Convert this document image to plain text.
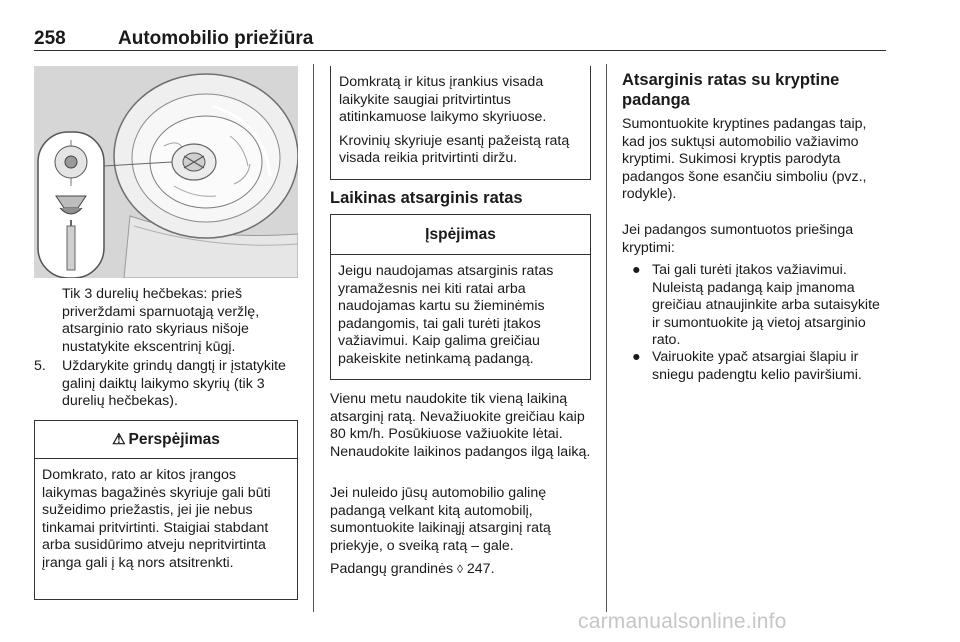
258	Automobilio priežiūra
Tik 3 durelių hečbekas: prieš priverždami sparnuotąją veržlę, atsarginio rato skyriaus nišoje nustatykite ekscentrinį kūgį.
5. Uždarykite grindų dangtį ir įstatykite galinį daiktų laikymo skyrių (tik 3 durelių hečbekas).
⚠ Perspėjimas
Domkrato, rato ar kitos įrangos laikymas bagažinės skyriuje gali būti sužeidimo priežastis, jei jie nebus tinkamai pritvirtinti. Staigiai stabdant arba susidūrimo atveju nepritvirtinta įranga gali į ką nors atsitrenkti.

Domkratą ir kitus įrankius visada laikykite saugiai pritvirtintus atitinkamuose laikymo skyriuose.

Krovinių skyriuje esantį pažeistą ratą visada reikia pritvirtinti diržu.

Laikinas atsarginis ratas
Įspėjimas
Jeigu naudojamas atsarginis ratas yramažesnis nei kiti ratai arba naudojamas kartu su žieminėmis padangomis, tai gali turėti įtakos važiavimui. Kaip galima greičiau pakeiskite netinkamą padangą.
Vienu metu naudokite tik vieną laikiną atsarginį ratą. Nevažiuokite greičiau kaip 80 km/h. Posūkiuose važiuokite lėtai. Nenaudokite laikinos padangos ilgą laiką.
Jei nuleido jūsų automobilio galinę padangą velkant kitą automobilį, sumontuokite laikinąjį atsarginį ratą priekyje, o sveiką ratą – gale.
Padangų grandinės ◊ 247.
Atsarginis ratas su kryptine padanga
Sumontuokite kryptines padangas taip, kad jos suktųsi automobilio važiavimo kryptimi. Sukimosi kryptis parodyta padangos šone esančiu simboliu (pvz., rodykle).
Jei padangos sumontuotos priešinga kryptimi:
● Tai gali turėti įtakos važiavimui. Nuleistą padangą kaip įmanoma greičiau atnaujinkite arba sutaisykite ir sumontuokite ją vietoj atsarginio rato.
● Vairuokite ypač atsargiai šlapiu ir sniegu padengtu kelio paviršiumi.
carmanualsonline.info
